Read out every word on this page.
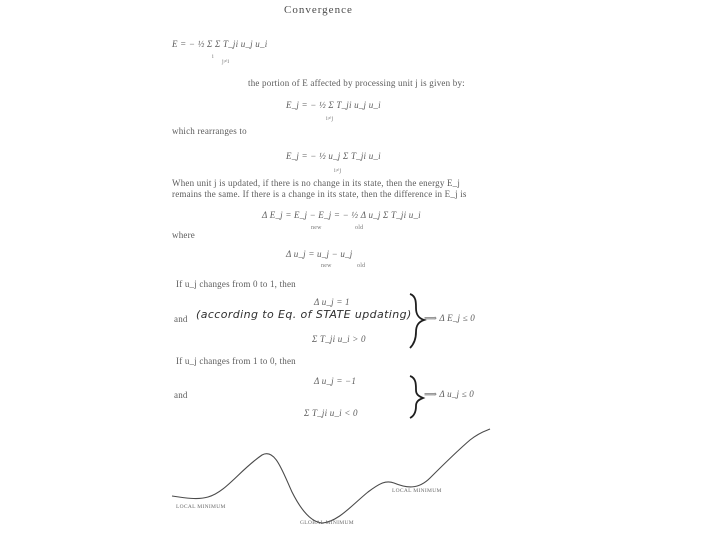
Convergence
E = − ½ Σ Σ T_ji u_j u_i
i
j≠i
the portion of E affected by processing unit j is given by:
E_j = − ½ Σ T_ji u_j u_i
i≠j
which rearranges to
E_j = − ½ u_j Σ T_ji u_i
i≠j
When unit j is updated, if there is no change in its state, then the energy E_j
remains the same. If there is a change in its state, then the difference in E_j is
Δ E_j = E_j − E_j = − ½ Δ u_j Σ T_ji u_i
new	old
where
Δ u_j = u_j − u_j
new	old
If u_j changes from 0 to 1, then
Δ u_j = 1
and (according to Eq. of STATE updating)
Σ T_ji u_i > 0
⟹ Δ E_j ≤ 0
If u_j changes from 1 to 0, then
Δ u_j = −1
and
Σ T_ji u_i < 0
⟹ Δ u_j ≤ 0
LOCAL MINIMUM
GLOBAL MINIMUM
LOCAL MINIMUM
